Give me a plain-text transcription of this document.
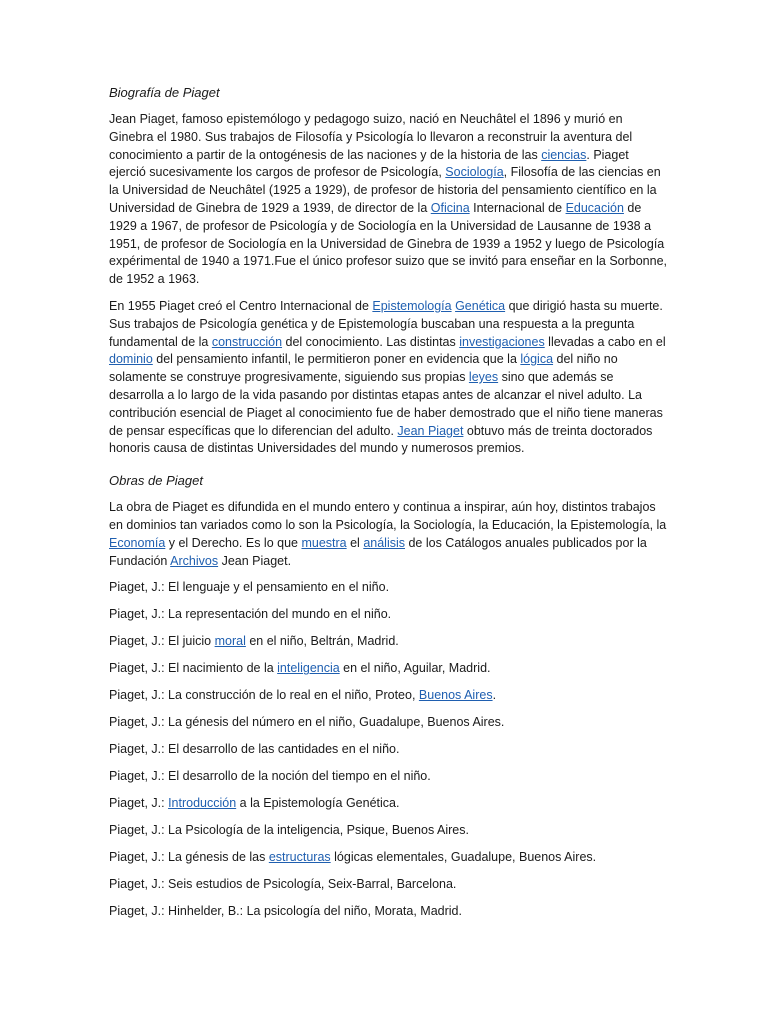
Biografía de Piaget
Jean Piaget, famoso epistemólogo y pedagogo suizo, nació en Neuchâtel el 1896 y murió en Ginebra el 1980. Sus trabajos de Filosofía y Psicología lo llevaron a reconstruir la aventura del conocimiento a partir de la ontogénesis de las naciones y de la historia de las ciencias. Piaget ejerció sucesivamente los cargos de profesor de Psicología, Sociología, Filosofía de las ciencias en la Universidad de Neuchâtel (1925 a 1929), de profesor de historia del pensamiento científico en la Universidad de Ginebra de 1929 a 1939, de director de la Oficina Internacional de Educación de 1929 a 1967, de profesor de Psicología y de Sociología en la Universidad de Lausanne de 1938 a 1951, de profesor de Sociología en la Universidad de Ginebra de 1939 a 1952 y luego de Psicología expérimental de 1940 a 1971.Fue el único profesor suizo que se invitó para enseñar en la Sorbonne, de 1952 a 1963.
En 1955 Piaget creó el Centro Internacional de Epistemología Genética que dirigió hasta su muerte. Sus trabajos de Psicología genética y de Epistemología buscaban una respuesta a la pregunta fundamental de la construcción del conocimiento. Las distintas investigaciones llevadas a cabo en el dominio del pensamiento infantil, le permitieron poner en evidencia que la lógica del niño no solamente se construye progresivamente, siguiendo sus propias leyes sino que además se desarrolla a lo largo de la vida pasando por distintas etapas antes de alcanzar el nivel adulto. La contribución esencial de Piaget al conocimiento fue de haber demostrado que el niño tiene maneras de pensar específicas que lo diferencian del adulto. Jean Piaget obtuvo más de treinta doctorados honoris causa de distintas Universidades del mundo y numerosos premios.
Obras de Piaget
La obra de Piaget es difundida en el mundo entero y continua a inspirar, aún hoy, distintos trabajos en dominios tan variados como lo son la Psicología, la Sociología, la Educación, la Epistemología, la Economía y el Derecho. Es lo que muestra el análisis de los Catálogos anuales publicados por la Fundación Archivos Jean Piaget.
Piaget, J.: El lenguaje y el pensamiento en el niño.
Piaget, J.: La representación del mundo en el niño.
Piaget, J.: El juicio moral en el niño, Beltrán, Madrid.
Piaget, J.: El nacimiento de la inteligencia en el niño, Aguilar, Madrid.
Piaget, J.: La construcción de lo real en el niño, Proteo, Buenos Aires.
Piaget, J.: La génesis del número en el niño, Guadalupe, Buenos Aires.
Piaget, J.: El desarrollo de las cantidades en el niño.
Piaget, J.: El desarrollo de la noción del tiempo en el niño.
Piaget, J.: Introducción a la Epistemología Genética.
Piaget, J.: La Psicología de la inteligencia, Psique, Buenos Aires.
Piaget, J.: La génesis de las estructuras lógicas elementales, Guadalupe, Buenos Aires.
Piaget, J.: Seis estudios de Psicología, Seix-Barral, Barcelona.
Piaget, J.: Hinhelder, B.: La psicología del niño, Morata, Madrid.
